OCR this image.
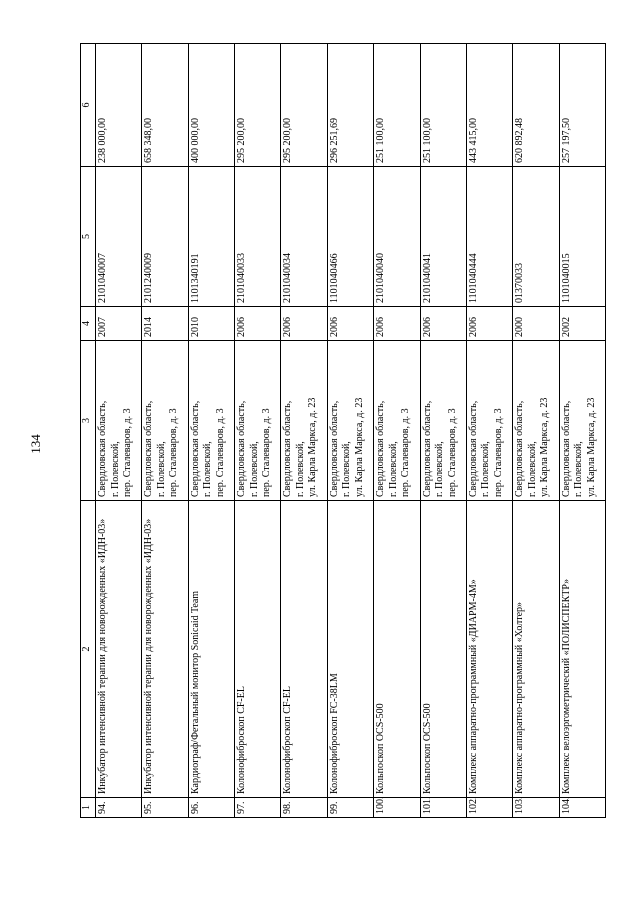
134
1	2	3	4	5	6
94.	Инкубатор интенсивной терапии для новорожденных «ИДН-03»	Свердловская область,
г. Полевской,
пер. Сталеваров, д. 3	2007	2101040007	238 000,00
95.	Инкубатор интенсивной терапии для новорожденных «ИДН-03»	Свердловская область,
г. Полевской,
пер. Сталеваров, д. 3	2014	2101240009	658 348,00
96.	Кардиограф/Фетальный монитор Sonicaid Team	Свердловская область,
г. Полевской,
пер. Сталеваров, д. 3	2010	1101340191	400 000,00
97.	Колонофиброскоп CF-EL	Свердловская область,
г. Полевской,
пер. Сталеваров, д. 3	2006	2101040033	295 200,00
98.	Колонофиброскоп CF-EL	Свердловская область,
г. Полевской,
ул. Карла Маркса, д. 23	2006	2101040034	295 200,00
99.	Колонофиброскоп FC-38LM	Свердловская область,
г. Полевской,
ул. Карла Маркса, д. 23	2006	1101040466	296 251,69
100.	Кольпоскоп OCS-500	Свердловская область,
г. Полевской,
пер. Сталеваров, д. 3	2006	2101040040	251 100,00
101.	Кольпоскоп OCS-500	Свердловская область,
г. Полевской,
пер. Сталеваров, д. 3	2006	2101040041	251 100,00
102.	Комплекс аппаратно-программный «ДИАРМ-4М»	Свердловская область,
г. Полевской,
пер. Сталеваров, д. 3	2006	1101040444	443 415,00
103.	Комплекс аппаратно-программный «Холтер»	Свердловская область,
г. Полевской,
ул. Карла Маркса, д. 23	2000	01370033	620 892,48
104.	Комплекс велоэргометрический «ПОЛИСПЕКТР»	Свердловская область,
г. Полевской,
ул. Карла Маркса, д. 23	2002	1101040015	257 197,50
